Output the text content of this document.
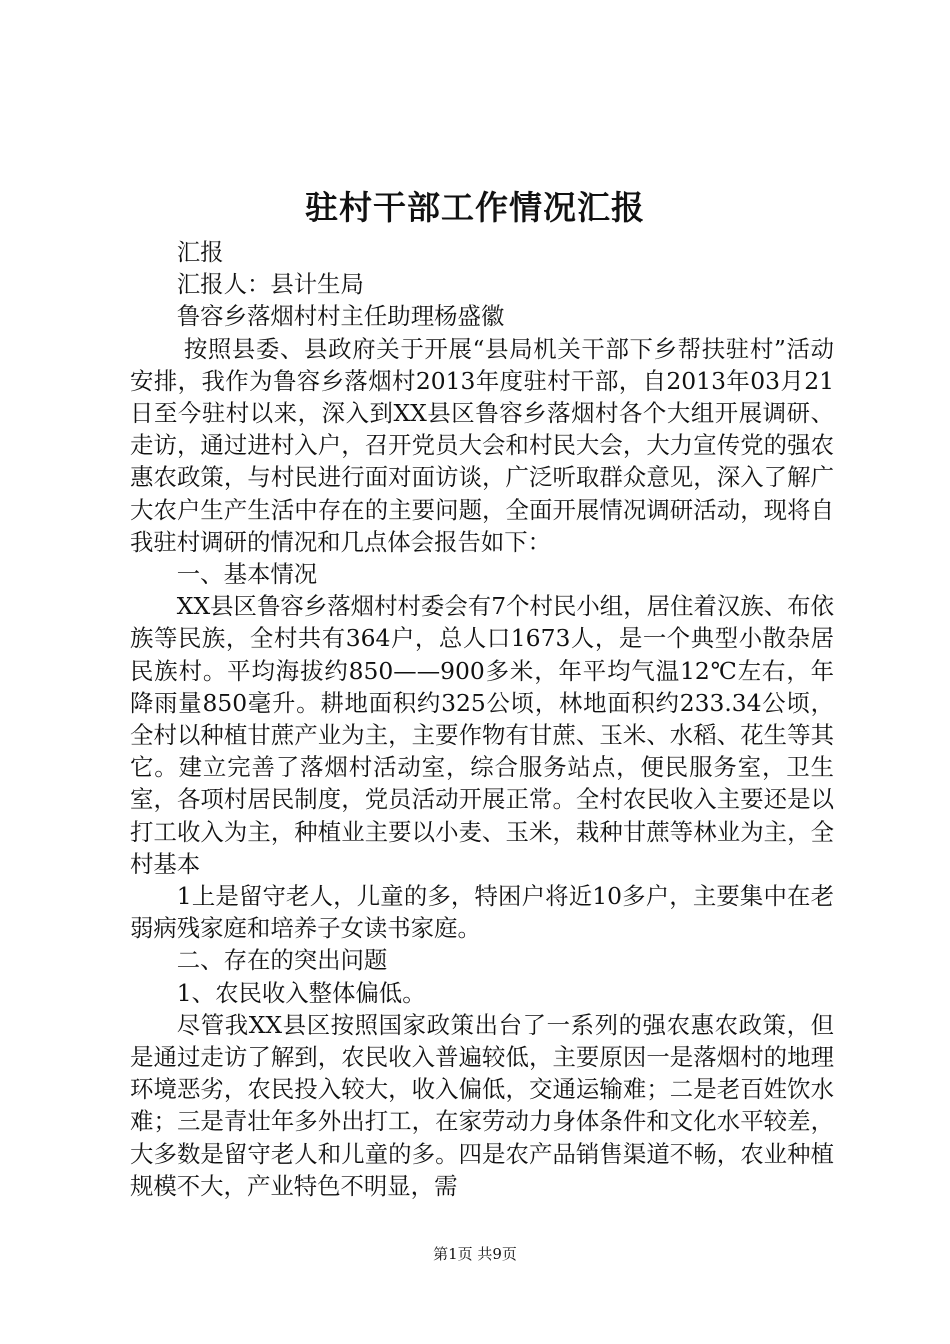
驻村干部工作情况汇报

汇报

汇报人：县计生局

鲁容乡落烟村村主任助理杨盛徽

按照县委、县政府关于开展“县局机关干部下乡帮扶驻村”活动安排，我作为鲁容乡落烟村2013年度驻村干部，自2013年03月21日至今驻村以来，深入到XX县区鲁容乡落烟村各个大组开展调研、走访，通过进村入户，召开党员大会和村民大会，大力宣传党的强农惠农政策，与村民进行面对面访谈，广泛听取群众意见，深入了解广大农户生产生活中存在的主要问题，全面开展情况调研活动，现将自我驻村调研的情况和几点体会报告如下：

一、基本情况

XX县区鲁容乡落烟村村委会有7个村民小组，居住着汉族、布依族等民族，全村共有364户，总人口1673人，是一个典型小散杂居民族村。平均海拔约850——900多米，年平均气温12℃左右，年降雨量850毫升。耕地面积约325公顷，林地面积约233.34公顷，全村以种植甘蔗产业为主，主要作物有甘蔗、玉米、水稻、花生等其它。建立完善了落烟村活动室，综合服务站点，便民服务室，卫生室，各项村居民制度，党员活动开展正常。全村农民收入主要还是以打工收入为主，种植业主要以小麦、玉米，栽种甘蔗等林业为主，全村基本

1上是留守老人，儿童的多，特困户将近10多户，主要集中在老弱病残家庭和培养子女读书家庭。

二、存在的突出问题

1、农民收入整体偏低。

尽管我XX县区按照国家政策出台了一系列的强农惠农政策，但是通过走访了解到，农民收入普遍较低，主要原因一是落烟村的地理环境恶劣，农民投入较大，收入偏低，交通运输难；二是老百姓饮水难；三是青壮年多外出打工，在家劳动力身体条件和文化水平较差，大多数是留守老人和儿童的多。四是农产品销售渠道不畅，农业种植规模不大，产业特色不明显，需

第1页 共9页
